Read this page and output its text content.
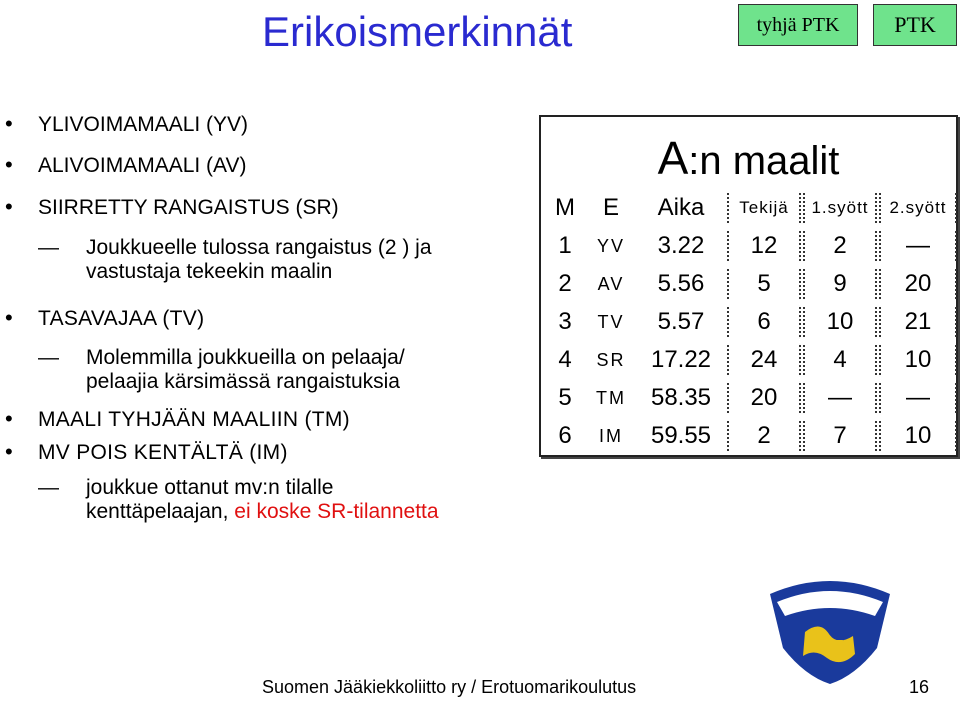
Erikoismerkinnät	tyhjä PTK	PTK
• YLIVOIMAMAALI (YV)
• ALIVOIMAMAALI (AV)
• SIIRRETTY RANGAISTUS (SR)
— Joukkueelle tulossa rangaistus (2 ) ja
vastustaja tekeekin maalin
• TASAVAJAA (TV)
— Molemmilla joukkueilla on pelaaja/
pelaajia kärsimässä rangaistuksia
• MAALI TYHJÄÄN MAALIIN (TM)
• MV POIS KENTÄLTÄ (IM)
— joukkue ottanut mv:n tilalle
kenttäpelaajan, ei koske SR-tilannetta
A:n maalit
M	E	Aika	Tekijä	1.syött	2.syött
1	YV	3.22	12	2	—
2	AV	5.56	5	9	20
3	TV	5.57	6	10	21
4	SR	17.22	24	4	10
5	TM	58.35	20	—	—
6	IM	59.55	2	7	10
Suomen Jääkiekkoliitto ry / Erotuomarikoulutus	16
